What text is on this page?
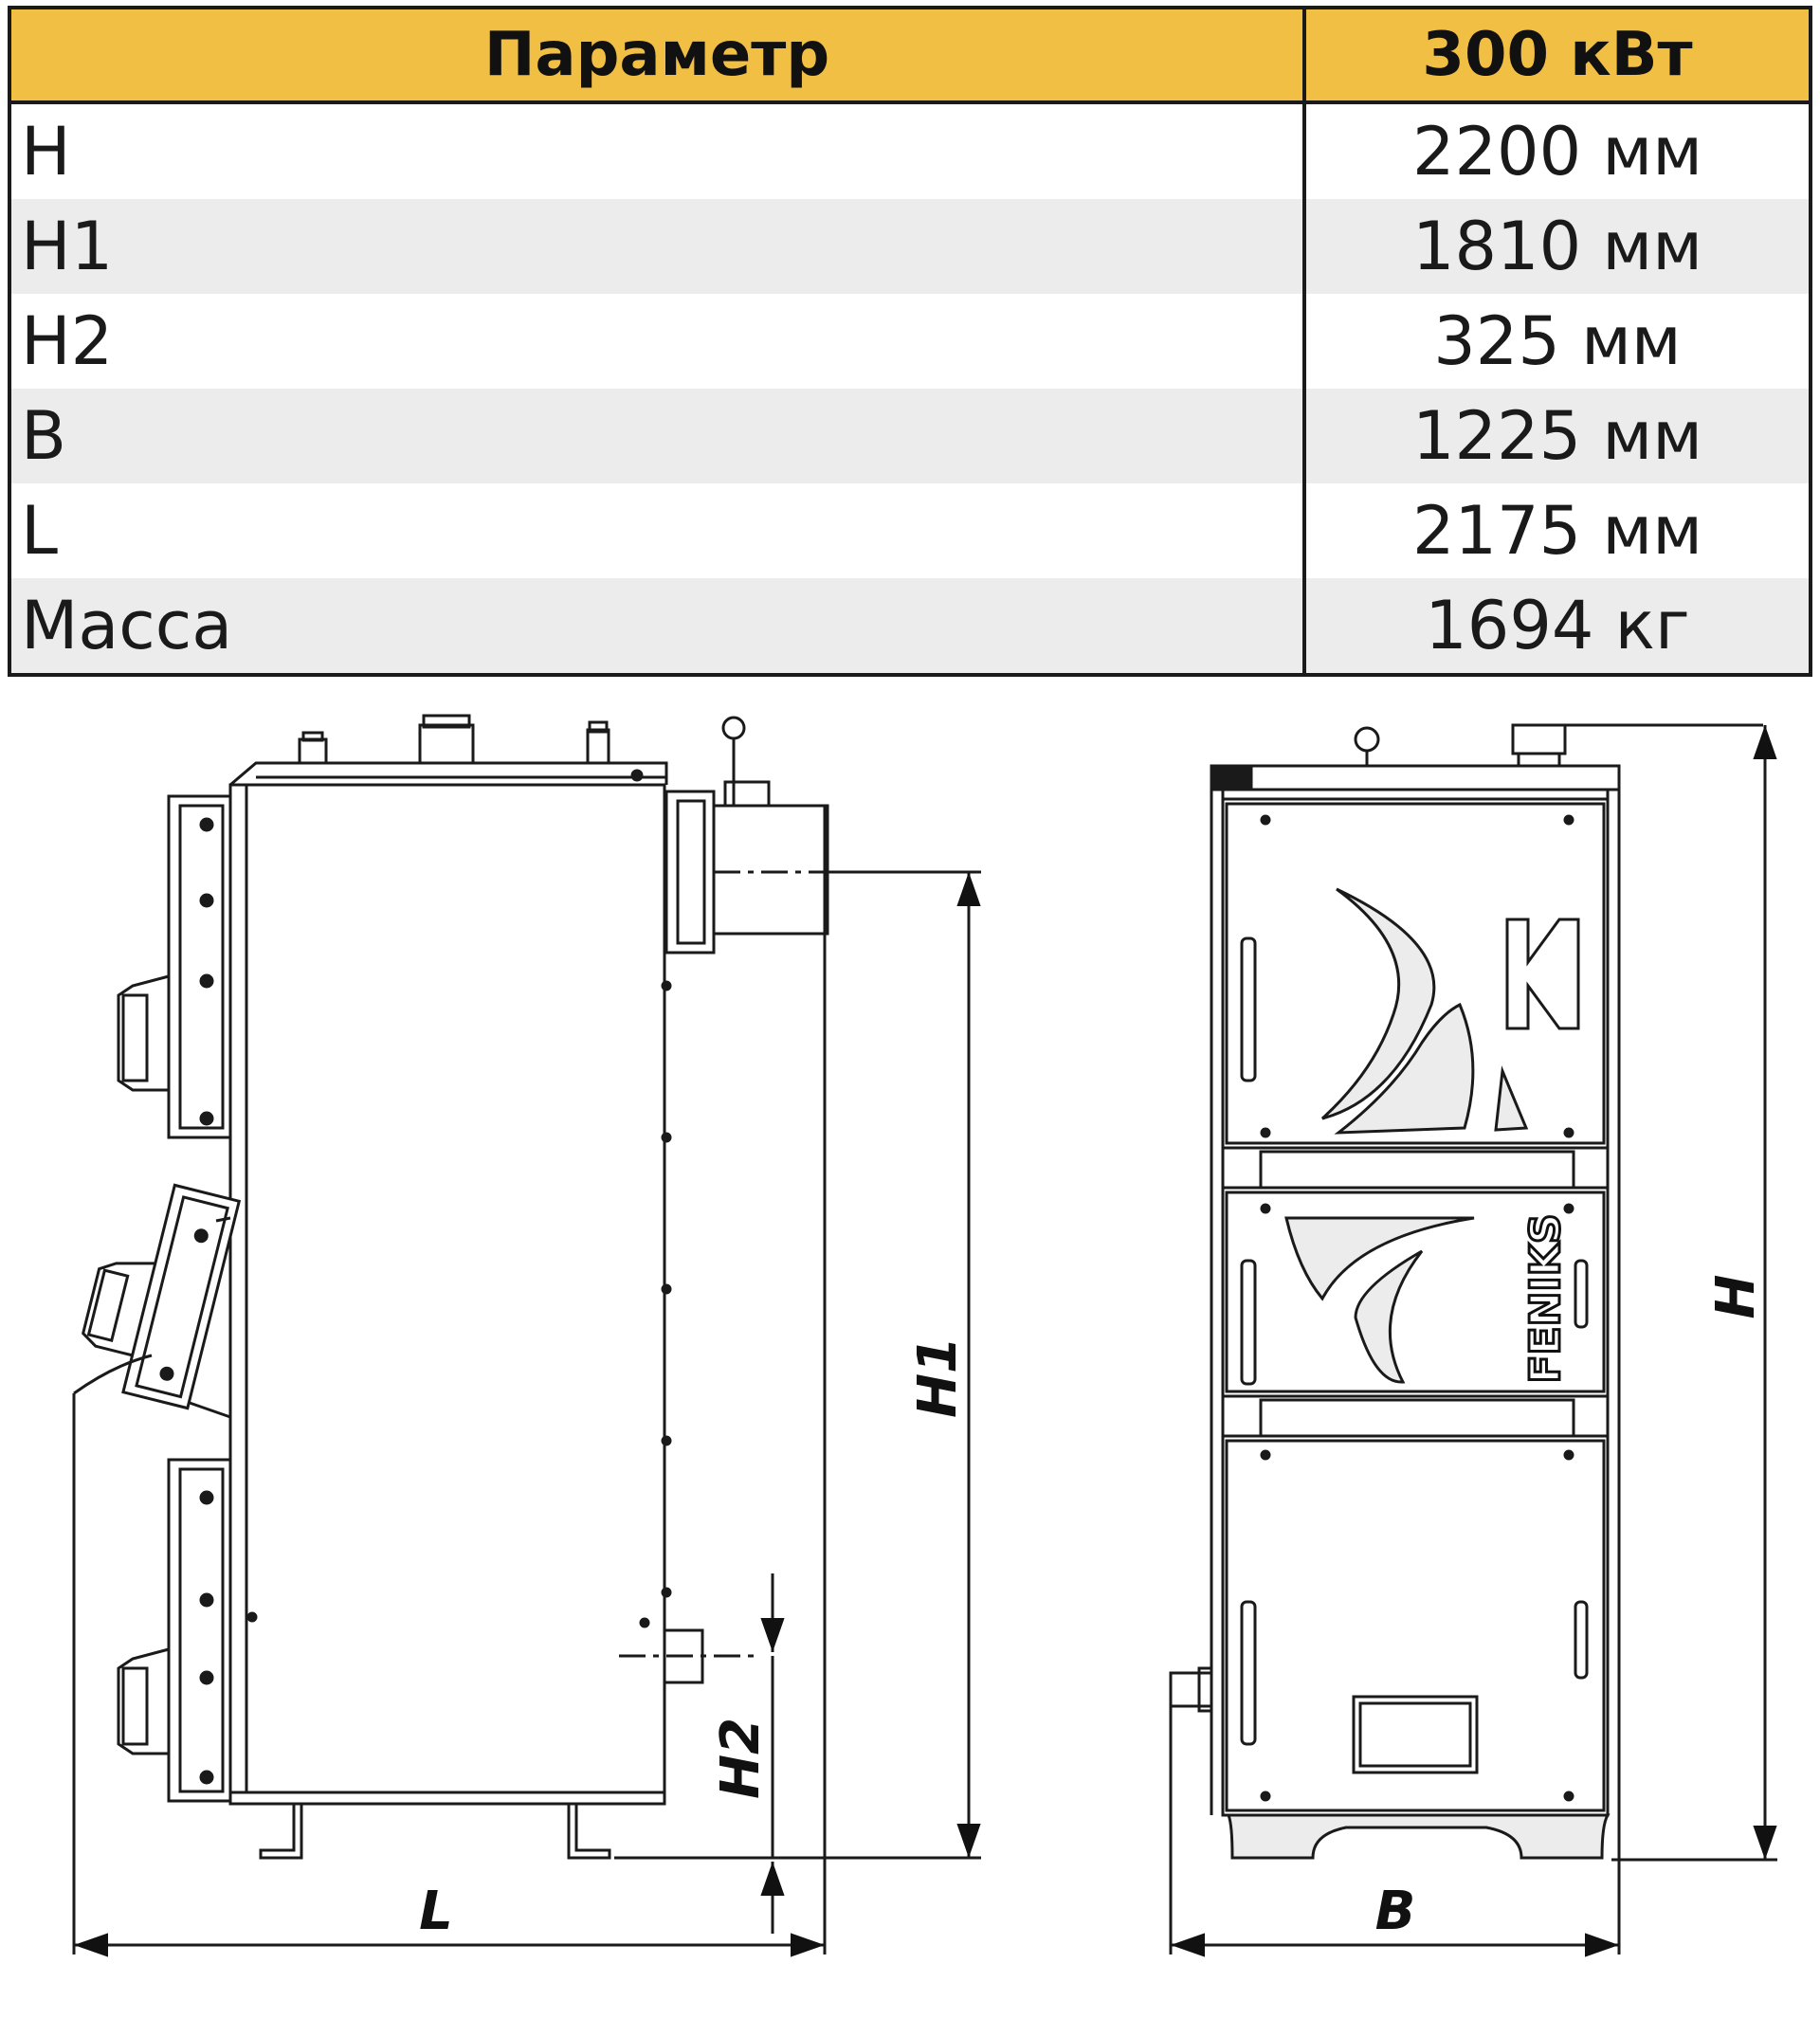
Параметр	300 кВт
H	2200 мм
H1	1810 мм
H2	325 мм
B	1225 мм
L	2175 мм
Масса	1694 кг
L
H1
H2
FENIKS
B
H
